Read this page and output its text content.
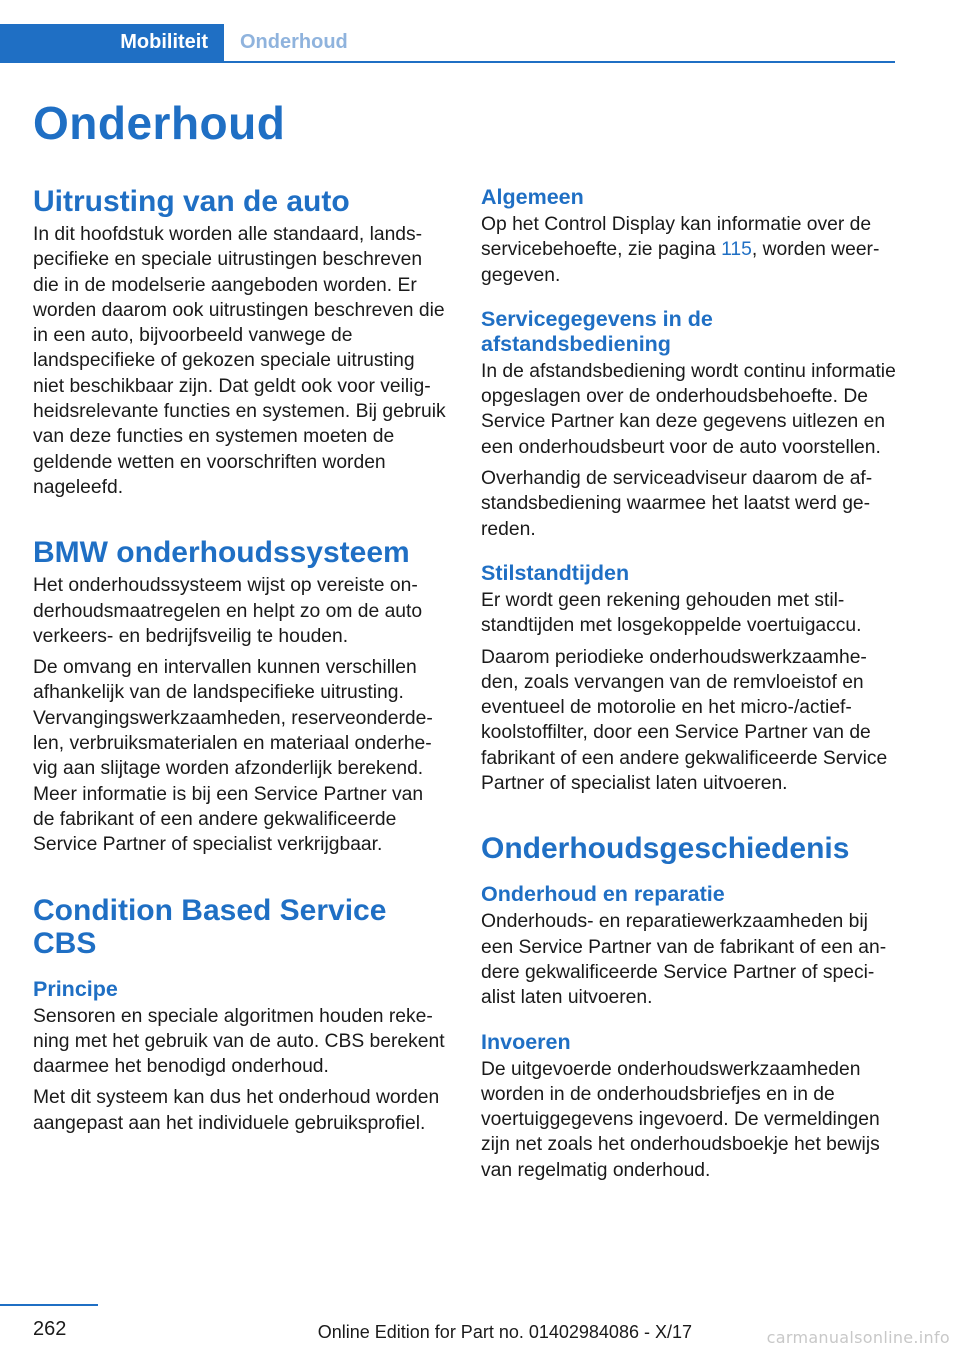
Mobiliteit	Onderhoud
Onderhoud
Uitrusting van de auto

In dit hoofdstuk worden alle standaard, landspecifieke en speciale uitrustingen beschreven die in de modelserie aangeboden worden. Er worden daarom ook uitrustingen beschreven die in een auto, bijvoorbeeld vanwege de landspecifieke of gekozen speciale uitrusting niet beschikbaar zijn. Dat geldt ook voor veiligheidsrelevante functies en systemen. Bij gebruik van deze functies en systemen moeten de geldende wetten en voorschriften worden nageleefd.

BMW onderhoudssysteem

Het onderhoudssysteem wijst op vereiste onderhoudsmaatregelen en helpt zo om de auto verkeers- en bedrijfsveilig te houden.

De omvang en intervallen kunnen verschillen afhankelijk van de landspecifieke uitrusting. Vervangingswerkzaamheden, reserveonderdelen, verbruiksmaterialen en materiaal onderhevig aan slijtage worden afzonderlijk berekend. Meer informatie is bij een Service Partner van de fabrikant of een andere gekwalificeerde Service Partner of specialist verkrijgbaar.

Condition Based Service CBS
Principe

Sensoren en speciale algoritmen houden rekening met het gebruik van de auto. CBS berekent daarmee het benodigd onderhoud.

Met dit systeem kan dus het onderhoud worden aangepast aan het individuele gebruiksprofiel.

Algemeen

Op het Control Display kan informatie over de servicebehoefte, zie pagina 115, worden weergegeven.

Servicegegevens in de afstandsbediening

In de afstandsbediening wordt continu informatie opgeslagen over de onderhoudsbehoefte. De Service Partner kan deze gegevens uitlezen en een onderhoudsbeurt voor de auto voorstellen.

Overhandig de serviceadviseur daarom de afstandsbediening waarmee het laatst werd gereden.

Stilstandtijden

Er wordt geen rekening gehouden met stilstandtijden met losgekoppelde voertuigaccu.

Daarom periodieke onderhoudswerkzaamheden, zoals vervangen van de remvloeistof en eventueel de motorolie en het micro-/actiefkoolstoffilter, door een Service Partner van de fabrikant of een andere gekwalificeerde Service Partner of specialist laten uitvoeren.

Onderhoudsgeschiedenis
Onderhoud en reparatie

Onderhouds- en reparatiewerkzaamheden bij een Service Partner van de fabrikant of een andere gekwalificeerde Service Partner of specialist laten uitvoeren.

Invoeren

De uitgevoerde onderhoudswerkzaamheden worden in de onderhoudsbriefjes en in de voertuiggegevens ingevoerd. De vermeldingen zijn net zoals het onderhoudsboekje het bewijs van regelmatig onderhoud.

262	Online Edition for Part no. 01402984086 - X/17	carmanualsonline.info
